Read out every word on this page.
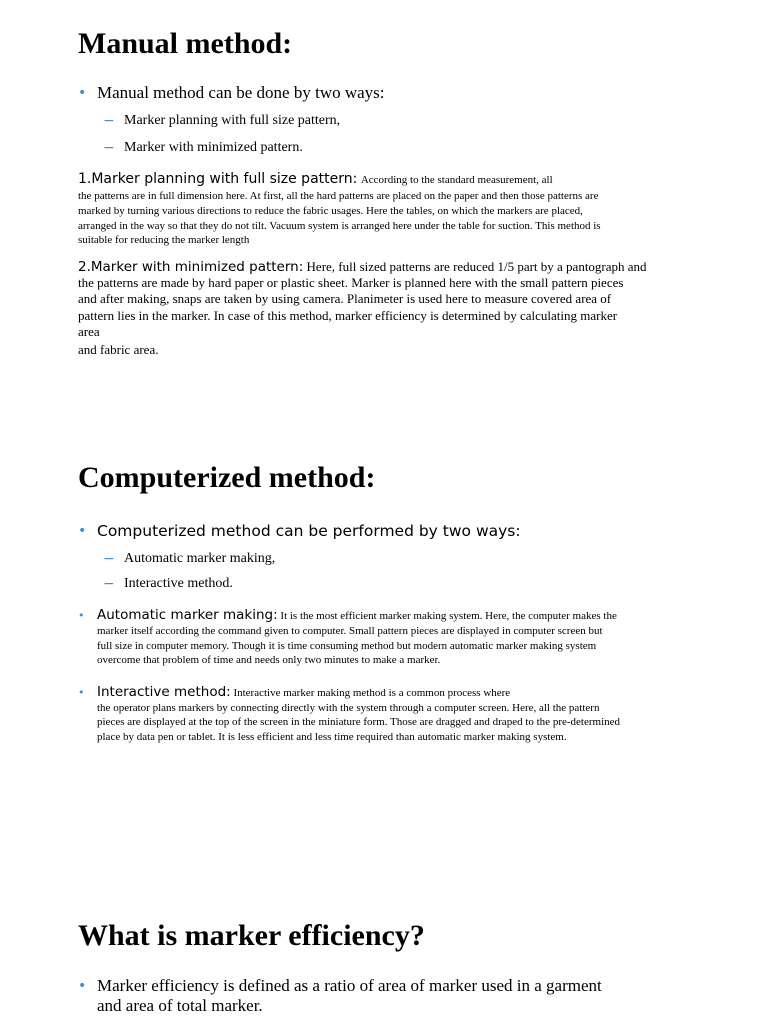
Manual method:
• Manual method can be done by two ways:
− Marker planning with full size pattern,
− Marker with minimized pattern.
1.Marker planning with full size pattern: According to the standard measurement, all
the patterns are in full dimension here. At first, all the hard patterns are placed on the paper and then those patterns are
marked by turning various directions to reduce the fabric usages. Here the tables, on which the markers are placed,
arranged in the way so that they do not tilt. Vacuum system is arranged here under the table for suction. This method is
suitable for reducing the marker length
2.Marker with minimized pattern: Here, full sized patterns are reduced 1/5 part by a pantograph and
the patterns are made by hard paper or plastic sheet. Marker is planned here with the small pattern pieces
and after making, snaps are taken by using camera. Planimeter is used here to measure covered area of
pattern lies in the marker. In case of this method, marker efficiency is determined by calculating marker
area
and fabric area.
Computerized method:
• Computerized method can be performed by two ways:
− Automatic marker making,
− Interactive method.
• Automatic marker making: It is the most efficient marker making system. Here, the computer makes the
marker itself according the command given to computer. Small pattern pieces are displayed in computer screen but
full size in computer memory. Though it is time consuming method but modern automatic marker making system
overcome that problem of time and needs only two minutes to make a marker.
• Interactive method: Interactive marker making method is a common process where
the operator plans markers by connecting directly with the system through a computer screen. Here, all the pattern
pieces are displayed at the top of the screen in the miniature form. Those are dragged and draped to the pre-determined
place by data pen or tablet. It is less efficient and less time required than automatic marker making system.
What is marker efficiency?
• Marker efficiency is defined as a ratio of area of marker used in a garment
and area of total marker.
